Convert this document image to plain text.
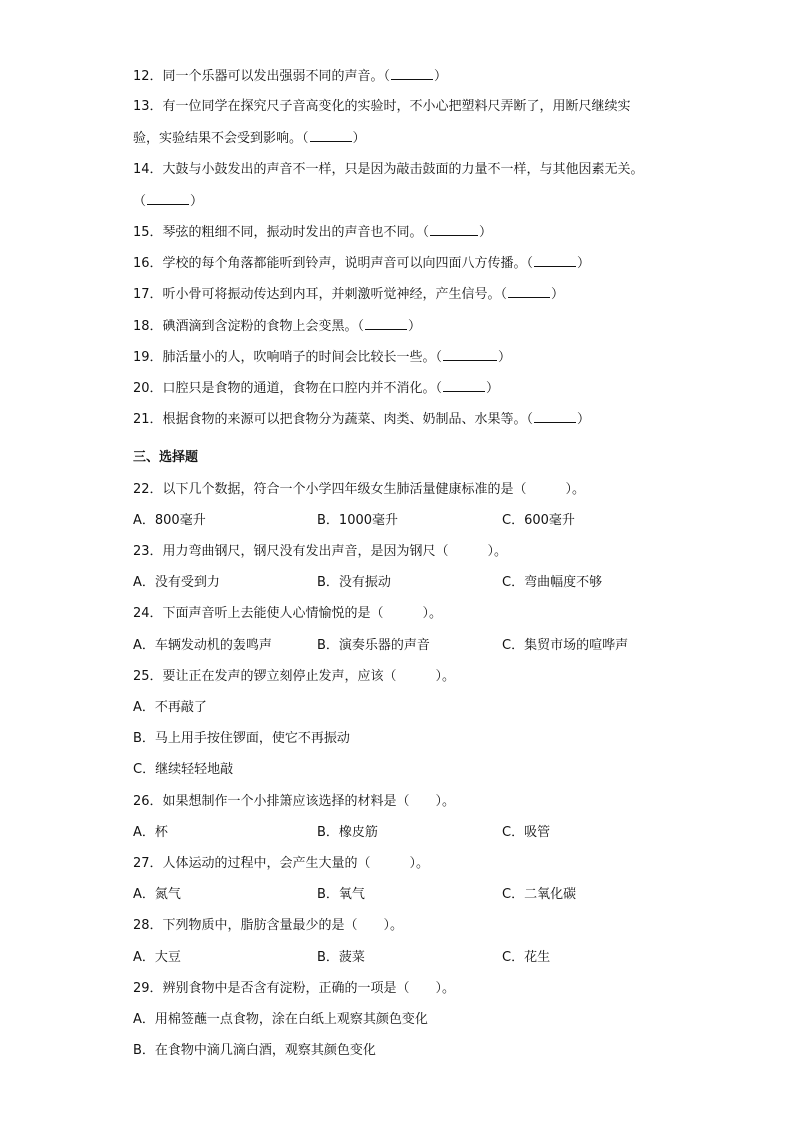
12．同一个乐器可以发出强弱不同的声音。（	）
13．有一位同学在探究尺子音高变化的实验时，不小心把塑料尺弄断了，用断尺继续实
验，实验结果不会受到影响。（	）
14．大鼓与小鼓发出的声音不一样，只是因为敲击鼓面的力量不一样，与其他因素无关。
（	）
15．琴弦的粗细不同，振动时发出的声音也不同。（	）
16．学校的每个角落都能听到铃声，说明声音可以向四面八方传播。（	）
17．听小骨可将振动传达到内耳，并刺激听觉神经，产生信号。（	）
18．碘酒滴到含淀粉的食物上会变黑。（	）
19．肺活量小的人，吹响哨子的时间会比较长一些。（	）
20．口腔只是食物的通道，食物在口腔内并不消化。（	）
21．根据食物的来源可以把食物分为蔬菜、肉类、奶制品、水果等。（	）
三、选择题
22．以下几个数据，符合一个小学四年级女生肺活量健康标准的是（　　　）。
A．800毫升	B．1000毫升	C．600毫升
23．用力弯曲钢尺，钢尺没有发出声音，是因为钢尺（　　　）。
A．没有受到力	B．没有振动	C．弯曲幅度不够
24．下面声音听上去能使人心情愉悦的是（　　　）。
A．车辆发动机的轰鸣声	B．演奏乐器的声音	C．集贸市场的喧哗声
25．要让正在发声的锣立刻停止发声，应该（　　　）。
A．不再敲了
B．马上用手按住锣面，使它不再振动
C．继续轻轻地敲
26．如果想制作一个小排箫应该选择的材料是（　　）。
A．杯	B．橡皮筋	C．吸管
27．人体运动的过程中，会产生大量的（　　　）。
A．氮气	B．氧气	C．二氧化碳
28．下列物质中，脂肪含量最少的是（　　）。
A．大豆	B．菠菜	C．花生
29．辨别食物中是否含有淀粉，正确的一项是（　　）。
A．用棉签蘸一点食物，涂在白纸上观察其颜色变化
B．在食物中滴几滴白酒，观察其颜色变化
